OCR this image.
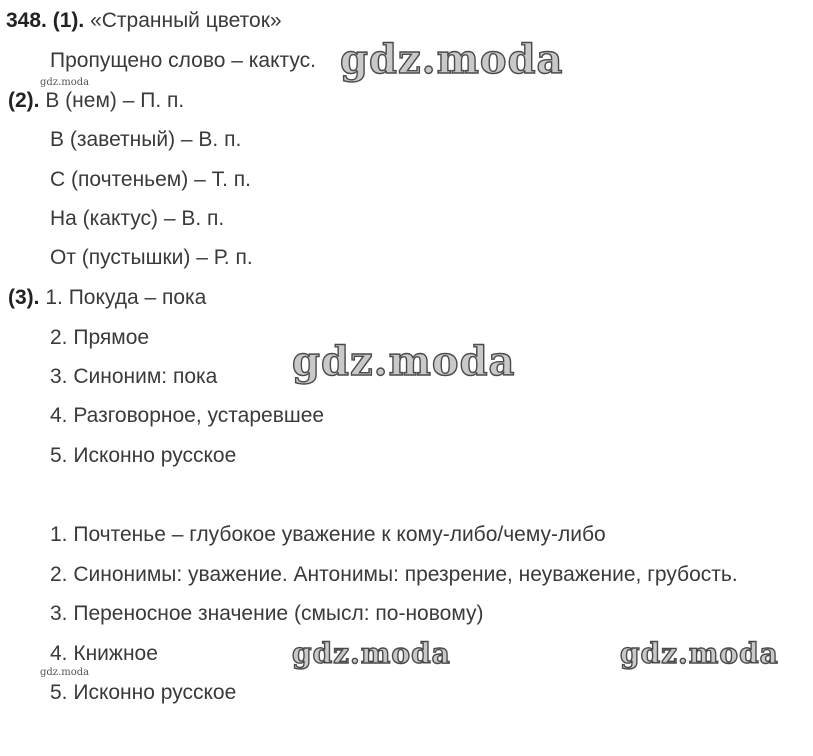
348. (1). «Странный цветок»
Пропущено слово – кактус.
(2). В (нем) – П. п.
В (заветный) – В. п.
С (почтеньем) – Т. п.
На (кактус) – В. п.
От (пустышки) – Р. п.
(3). 1. Покуда – пока
2. Прямое
3. Синоним: пока
4. Разговорное, устаревшее
5. Исконно русское
1. Почтенье – глубокое уважение к кому-либо/чему-либо
2. Синонимы: уважение. Антонимы: презрение, неуважение, грубость.
3. Переносное значение (смысл: по-новому)
4. Книжное
5. Исконно русское
gdz.moda
gdz.moda
gdz.moda
gdz.moda	gdz.moda
gdz.moda
